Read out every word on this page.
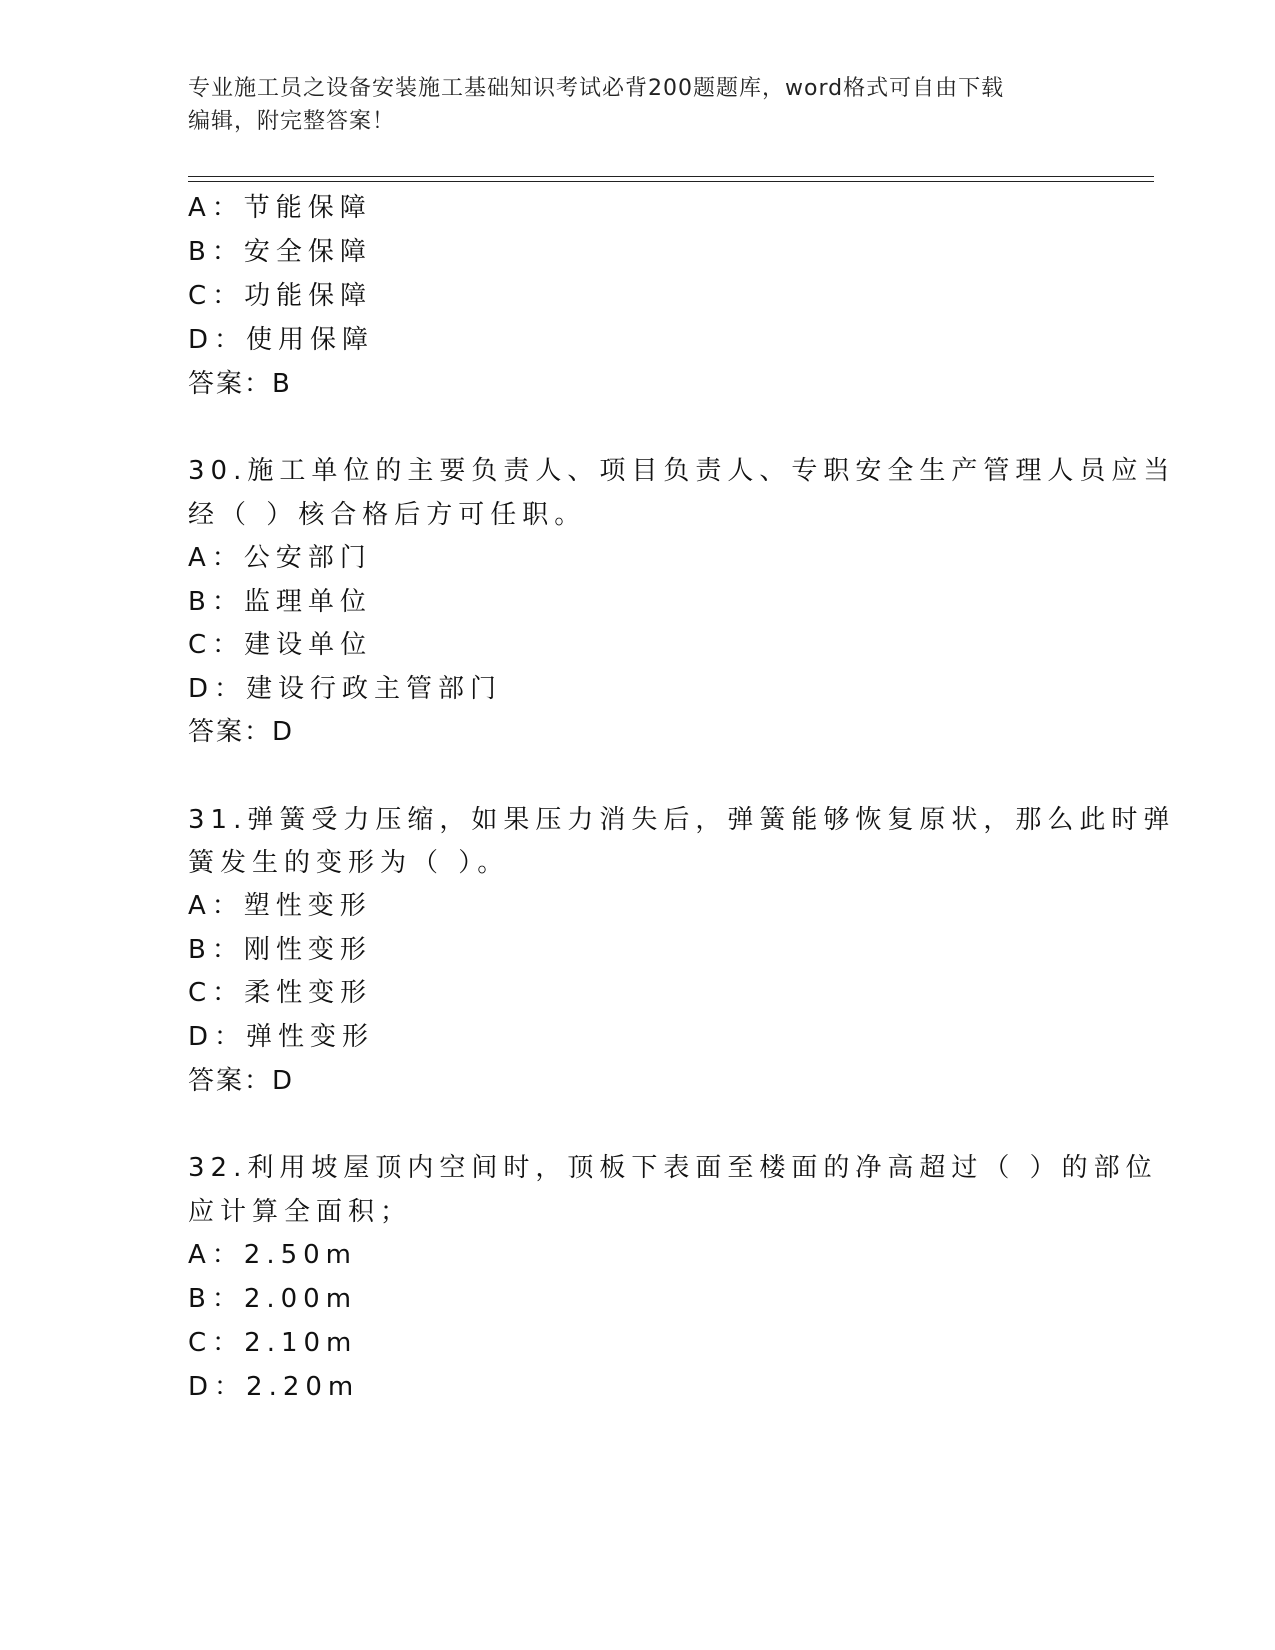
专业施工员之设备安装施工基础知识考试必背200题题库，word格式可自由下载
编辑，附完整答案！
A：节能保障
B：安全保障
C：功能保障
D：使用保障
答案：B
30.施工单位的主要负责人、项目负责人、专职安全生产管理人员应当
经（ ）核合格后方可任职。
A：公安部门
B：监理单位
C：建设单位
D：建设行政主管部门
答案：D
31.弹簧受力压缩，如果压力消失后，弹簧能够恢复原状，那么此时弹
簧发生的变形为（ ）。
A：塑性变形
B：刚性变形
C：柔性变形
D：弹性变形
答案：D
32.利用坡屋顶内空间时，顶板下表面至楼面的净高超过（ ）的部位
应计算全面积；
A：2.50m
B：2.00m
C：2.10m
D：2.20m
